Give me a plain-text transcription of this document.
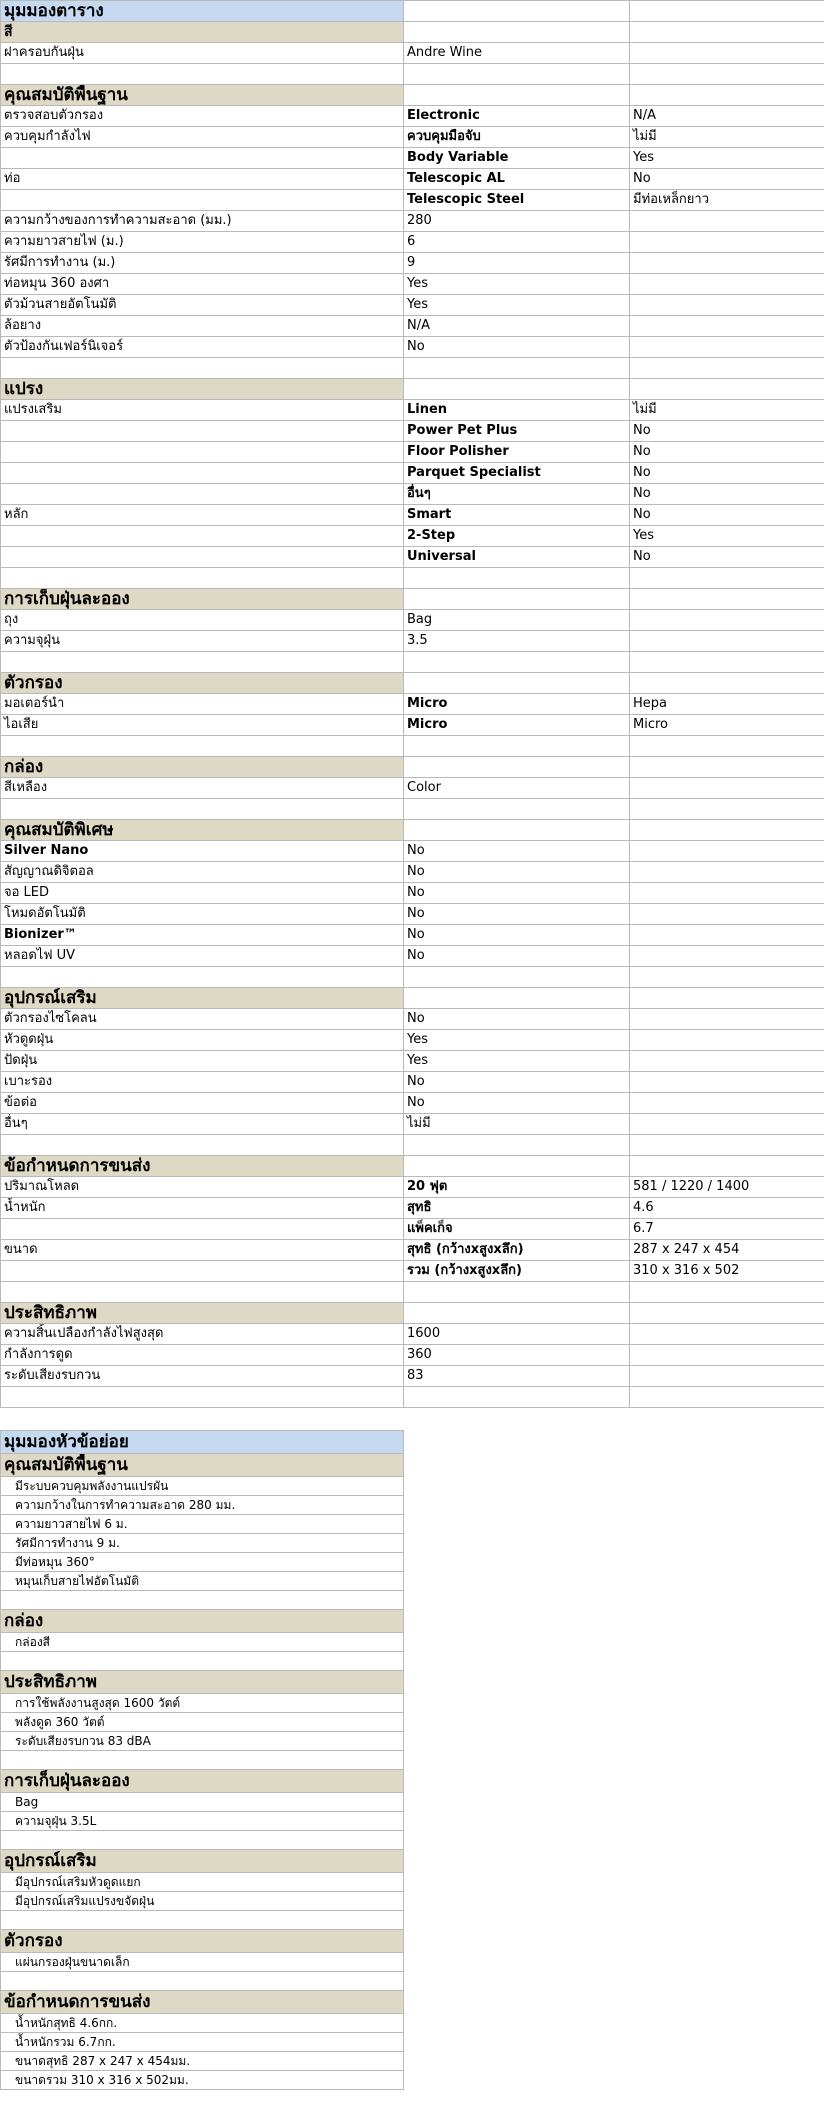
มุมมองตาราง		
สี		
ฝาครอบกันฝุ่น	Andre Wine	

คุณสมบัติพื้นฐาน		
ตรวจสอบตัวกรอง	Electronic	N/A
ควบคุมกำลังไฟ	ควบคุมมือจับ	ไม่มี
	Body Variable	Yes
ท่อ	Telescopic AL	No
	Telescopic Steel	มีท่อเหล็กยาว
ความกว้างของการทำความสะอาด (มม.)	280	
ความยาวสายไฟ (ม.)	6	
รัศมีการทำงาน (ม.)	9	
ท่อหมุน 360 องศา	Yes	
ตัวม้วนสายอัตโนมัติ	Yes	
ล้อยาง	N/A	
ตัวป้องกันเฟอร์นิเจอร์	No	

แปรง		
แปรงเสริม	Linen	ไม่มี
	Power Pet Plus	No
	Floor Polisher	No
	Parquet Specialist	No
	อื่นๆ	No
หลัก	Smart	No
	2-Step	Yes
	Universal	No

การเก็บฝุ่นละออง		
ถุง	Bag	
ความจุฝุ่น	3.5	

ตัวกรอง		
มอเตอร์นำ	Micro	Hepa
ไอเสีย	Micro	Micro

กล่อง		
สีเหลือง	Color	

คุณสมบัติพิเศษ		
Silver Nano	No	
สัญญาณดิจิตอล	No	
จอ LED	No	
โหมดอัตโนมัติ	No	
Bionizer™	No	
หลอดไฟ UV	No	

อุปกรณ์เสริม		
ตัวกรองไซโคลน	No	
หัวดูดฝุ่น	Yes	
ปัดฝุ่น	Yes	
เบาะรอง	No	
ข้อต่อ	No	
อื่นๆ	ไม่มี	

ข้อกำหนดการขนส่ง		
ปริมาณโหลด	20 ฟุต	581 / 1220 / 1400
น้ำหนัก	สุทธิ	4.6
	แพ็คเก็จ	6.7
ขนาด	สุทธิ (กว้างxสูงxลึก)	287 x 247 x 454
	รวม (กว้างxสูงxลึก)	310 x 316 x 502

ประสิทธิภาพ		
ความสิ้นเปลืองกำลังไฟสูงสุด	1600	
กำลังการดูด	360	
ระดับเสียงรบกวน	83	

มุมมองหัวข้อย่อย
คุณสมบัติพื้นฐาน
มีระบบควบคุมพลังงานแปรผัน
ความกว้างในการทำความสะอาด 280 มม.
ความยาวสายไฟ 6 ม.
รัศมีการทำงาน 9 ม.
มีท่อหมุน 360°
หมุนเก็บสายไฟอัตโนมัติ

กล่อง
กล่องสี

ประสิทธิภาพ
การใช้พลังงานสูงสุด 1600 วัตต์
พลังดูด 360 วัตต์
ระดับเสียงรบกวน 83 dBA

การเก็บฝุ่นละออง
Bag
ความจุฝุ่น 3.5L

อุปกรณ์เสริม
มีอุปกรณ์เสริมหัวดูดแยก
มีอุปกรณ์เสริมแปรงขจัดฝุ่น

ตัวกรอง
แผ่นกรองฝุ่นขนาดเล็ก

ข้อกำหนดการขนส่ง
น้ำหนักสุทธิ 4.6กก.
น้ำหนักรวม 6.7กก.
ขนาดสุทธิ 287 x 247 x 454มม.
ขนาดรวม 310 x 316 x 502มม.
